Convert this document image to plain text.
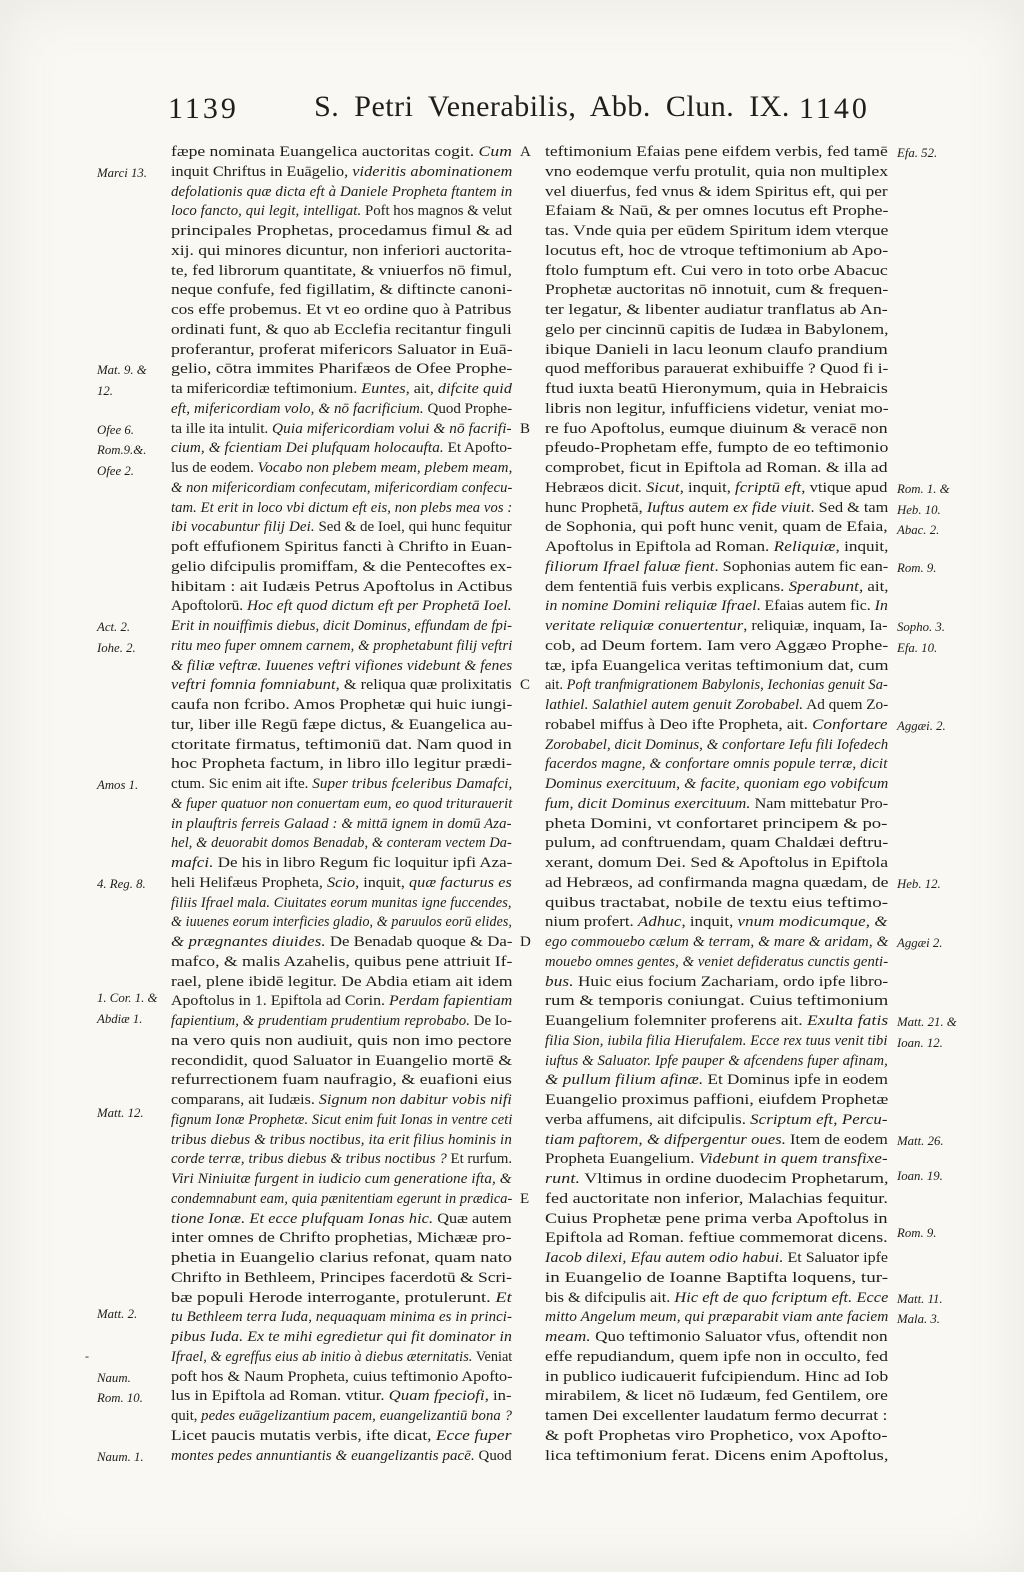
1139	S. Petri Venerabilis, Abb. Clun. IX. 1140
fæpe nominata Euangelica auctoritas cogit. Cum
inquit Chriftus in Euāgelio, videritis abominationem
defolationis quæ dicta eft à Daniele Propheta ftantem in
loco fancto, qui legit, intelligat. Poft hos magnos & velut
principales Prophetas, procedamus fimul & ad
xij. qui minores dicuntur, non inferiori auctorita-
te, fed librorum quantitate, & vniuerfos nō fimul,
neque confufe, fed figillatim, & diftincte canoni-
cos effe probemus. Et vt eo ordine quo à Patribus
ordinati funt, & quo ab Ecclefia recitantur finguli
proferantur, proferat mifericors Saluator in Euā-
gelio, cōtra immites Pharifæos de Ofee Prophe-
ta mifericordiæ teftimonium. Euntes, ait, difcite quid
eft, mifericordiam volo, & nō facrificium. Quod Prophe-
ta ille ita intulit. Quia mifericordiam volui & nō facrifi-
cium, & fcientiam Dei plufquam holocaufta. Et Apofto-
lus de eodem. Vocabo non plebem meam, plebem meam,
& non mifericordiam confecutam, mifericordiam confecu-
tam. Et erit in loco vbi dictum eft eis, non plebs mea vos :
ibi vocabuntur filij Dei. Sed & de Ioel, qui hunc fequitur
poft effufionem Spiritus fancti à Chrifto in Euan-
gelio difcipulis promiffam, & die Pentecoftes ex-
hibitam : ait Iudæis Petrus Apoftolus in Actibus
Apoftolorū. Hoc eft quod dictum eft per Prophetā Ioel.
Erit in nouiffimis diebus, dicit Dominus, effundam de fpi-
ritu meo fuper omnem carnem, & prophetabunt filij veftri
& filiæ veftræ. Iuuenes veftri vifiones videbunt & fenes
veftri fomnia fomniabunt, & reliqua quæ prolixitatis
caufa non fcribo. Amos Prophetæ qui huic iungi-
tur, liber ille Regū fæpe dictus, & Euangelica au-
ctoritate firmatus, teftimoniū dat. Nam quod in
hoc Propheta factum, in libro illo legitur prædi-
ctum. Sic enim ait ifte. Super tribus fceleribus Damafci,
& fuper quatuor non conuertam eum, eo quod triturauerit
in plauftris ferreis Galaad : & mittā ignem in domū Aza-
hel, & deuorabit domos Benadab, & conteram vectem Da-
mafci. De his in libro Regum fic loquitur ipfi Aza-
heli Helifæus Propheta, Scio, inquit, quæ facturus es
filiis Ifrael mala. Ciuitates eorum munitas igne fuccendes,
& iuuenes eorum interficies gladio, & paruulos eorū elides,
& prægnantes diuides. De Benadab quoque & Da-
mafco, & malis Azahelis, quibus pene attriuit If-
rael, plene ibidē legitur. De Abdia etiam ait idem
Apoftolus in 1. Epiftola ad Corin. Perdam fapientiam
fapientium, & prudentiam prudentium reprobabo. De Io-
na vero quis non audiuit, quis non imo pectore
recondidit, quod Saluator in Euangelio mortē &
refurrectionem fuam naufragio, & euafioni eius
comparans, ait Iudæis. Signum non dabitur vobis nifi
fignum Ionæ Prophetæ. Sicut enim fuit Ionas in ventre ceti
tribus diebus & tribus noctibus, ita erit filius hominis in
corde terræ, tribus diebus & tribus noctibus ? Et rurfum.
Viri Niniuitæ furgent in iudicio cum generatione ifta, &
condemnabunt eam, quia pænitentiam egerunt in prædica-
tione Ionæ. Et ecce plufquam Ionas hic. Quæ autem
inter omnes de Chrifto prophetias, Michææ pro-
phetia in Euangelio clarius refonat, quam nato
Chrifto in Bethleem, Principes facerdotū & Scri-
bæ populi Herode interrogante, protulerunt. Et
tu Bethleem terra Iuda, nequaquam minima es in princi-
pibus Iuda. Ex te mihi egredietur qui fit dominator in
Ifrael, & egreffus eius ab initio à diebus æternitatis. Veniat
poft hos & Naum Propheta, cuius teftimonio Apofto-
lus in Epiftola ad Roman. vtitur. Quam fpeciofi, in-
quit, pedes euāgelizantium pacem, euangelizantiū bona ?
Licet paucis mutatis verbis, ifte dicat, Ecce fuper
montes pedes annuntiantis & euangelizantis pacē. Quod
A
B
C
D
E
teftimonium Efaias pene eifdem verbis, fed tamē
vno eodemque verfu protulit, quia non multiplex
vel diuerfus, fed vnus & idem Spiritus eft, qui per
Efaiam & Naū, & per omnes locutus eft Prophe-
tas. Vnde quia per eūdem Spiritum idem vterque
locutus eft, hoc de vtroque teftimonium ab Apo-
ftolo fumptum eft. Cui vero in toto orbe Abacuc
Prophetæ auctoritas nō innotuit, cum & frequen-
ter legatur, & libenter audiatur tranflatus ab An-
gelo per cincinnū capitis de Iudæa in Babylonem,
ibique Danieli in lacu leonum claufo prandium
quod mefforibus parauerat exhibuiffe ? Quod fi i-
ftud iuxta beatū Hieronymum, quia in Hebraicis
libris non legitur, infufficiens videtur, veniat mo-
re fuo Apoftolus, eumque diuinum & veracē non
pfeudo-Prophetam effe, fumpto de eo teftimonio
comprobet, ficut in Epiftola ad Roman. & illa ad
Hebræos dicit. Sicut, inquit, fcriptū eft, vtique apud
hunc Prophetā, Iuftus autem ex fide viuit. Sed & tam
de Sophonia, qui poft hunc venit, quam de Efaia,
Apoftolus in Epiftola ad Roman. Reliquiæ, inquit,
filiorum Ifrael faluæ fient. Sophonias autem fic ean-
dem fententiā fuis verbis explicans. Sperabunt, ait,
in nomine Domini reliquiæ Ifrael. Efaias autem fic. In
veritate reliquiæ conuertentur, reliquiæ, inquam, Ia-
cob, ad Deum fortem. Iam vero Aggæo Prophe-
tæ, ipfa Euangelica veritas teftimonium dat, cum
ait. Poft tranfmigrationem Babylonis, Iechonias genuit Sa-
lathiel. Salathiel autem genuit Zorobabel. Ad quem Zo-
robabel miffus à Deo ifte Propheta, ait. Confortare
Zorobabel, dicit Dominus, & confortare Iefu fili Iofedech
facerdos magne, & confortare omnis popule terræ, dicit
Dominus exercituum, & facite, quoniam ego vobifcum
fum, dicit Dominus exercituum. Nam mittebatur Pro-
pheta Domini, vt confortaret principem & po-
pulum, ad conftruendam, quam Chaldæi deftru-
xerant, domum Dei. Sed & Apoftolus in Epiftola
ad Hebræos, ad confirmanda magna quædam, de
quibus tractabat, nobile de textu eius teftimo-
nium profert. Adhuc, inquit, vnum modicumque, &
ego commouebo cælum & terram, & mare & aridam, &
mouebo omnes gentes, & veniet defideratus cunctis genti-
bus. Huic eius focium Zachariam, ordo ipfe libro-
rum & temporis coniungat. Cuius teftimonium
Euangelium folemniter proferens ait. Exulta fatis
filia Sion, iubila filia Hierufalem. Ecce rex tuus venit tibi
iuftus & Saluator. Ipfe pauper & afcendens fuper afinam,
& pullum filium afinæ. Et Dominus ipfe in eodem
Euangelio proximus paffioni, eiufdem Prophetæ
verba affumens, ait difcipulis. Scriptum eft, Percu-
tiam paftorem, & difpergentur oues. Item de eodem
Propheta Euangelium. Videbunt in quem transfixe-
runt. Vltimus in ordine duodecim Prophetarum,
fed auctoritate non inferior, Malachias fequitur.
Cuius Prophetæ pene prima verba Apoftolus in
Epiftola ad Roman. feftiue commemorat dicens.
Iacob dilexi, Efau autem odio habui. Et Saluator ipfe
in Euangelio de Ioanne Baptifta loquens, tur-
bis & difcipulis ait. Hic eft de quo fcriptum eft. Ecce
mitto Angelum meum, qui præparabit viam ante faciem
meam. Quo teftimonio Saluator vfus, oftendit non
effe repudiandum, quem ipfe non in occulto, fed
in publico iudicauerit fufcipiendum. Hinc ad Iob
mirabilem, & licet nō Iudæum, fed Gentilem, ore
tamen Dei excellenter laudatum fermo decurrat :
& poft Prophetas viro Prophetico, vox Apofto-
lica teftimonium ferat. Dicens enim Apoftolus,
Marci 13.
Mat. 9. &
12.
Ofee 6.
Rom.9.&.
Ofee 2.
Act. 2.
Iohe. 2.
Amos 1.
4. Reg. 8.
1. Cor. 1. &
Abdiæ 1.
Matt. 12.
Matt. 2.
-
Naum.
Rom. 10.
Naum. 1.
Efa. 52.
Rom. 1. &
Heb. 10.
Abac. 2.
Rom. 9.
Sopho. 3.
Efa. 10.
Aggæi. 2.
Heb. 12.
Aggæi 2.
Matt. 21. &
Ioan. 12.
Matt. 26.
Ioan. 19.
Rom. 9.
Matt. 11.
Mala. 3.
